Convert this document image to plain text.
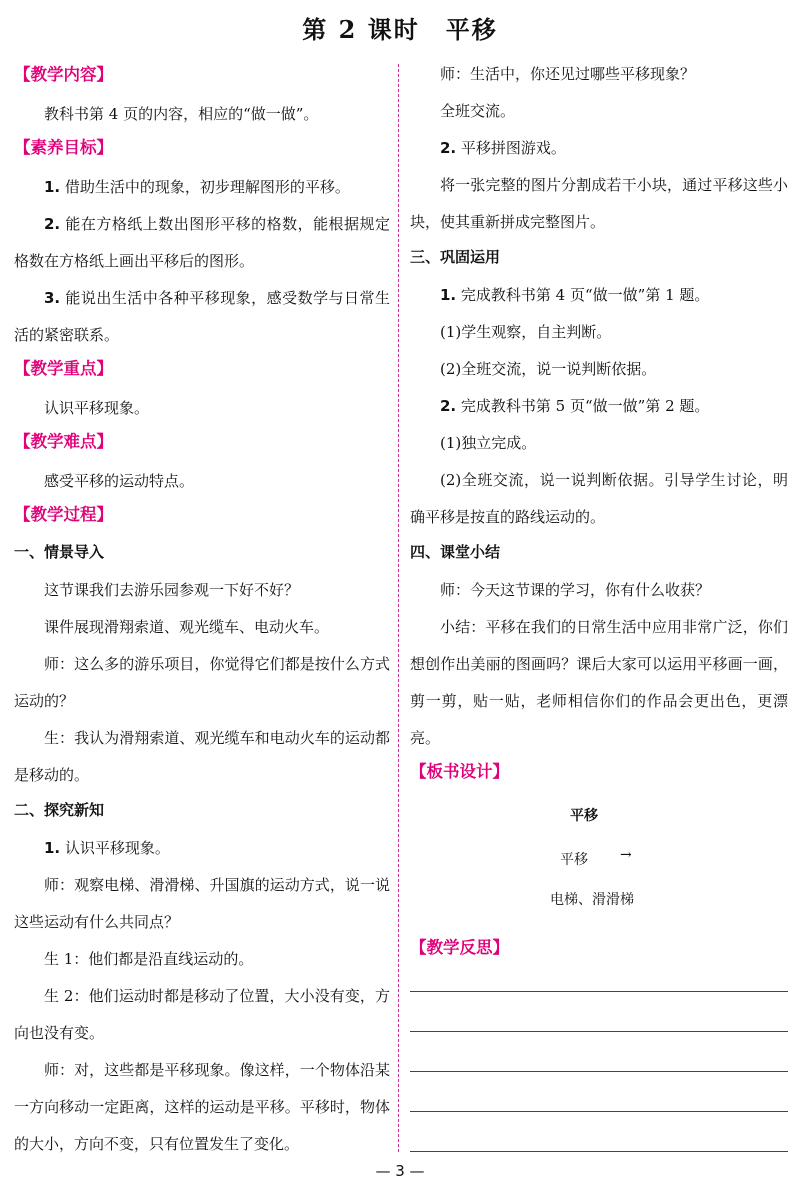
第 2 课时　平移
【教学内容】

教科书第 4 页的内容，相应的“做一做”。

【素养目标】

1. 借助生活中的现象，初步理解图形的平移。

2. 能在方格纸上数出图形平移的格数，能根据规定格数在方格纸上画出平移后的图形。

3. 能说出生活中各种平移现象，感受数学与日常生活的紧密联系。

【教学重点】

认识平移现象。

【教学难点】

感受平移的运动特点。

【教学过程】
一、情景导入

这节课我们去游乐园参观一下好不好？

课件展现滑翔索道、观光缆车、电动火车。

师：这么多的游乐项目，你觉得它们都是按什么方式运动的？

生：我认为滑翔索道、观光缆车和电动火车的运动都是移动的。

二、探究新知

1. 认识平移现象。

师：观察电梯、滑滑梯、升国旗的运动方式，说一说这些运动有什么共同点？

生 1：他们都是沿直线运动的。

生 2：他们运动时都是移动了位置，大小没有变，方向也没有变。

师：对，这些都是平移现象。像这样，一个物体沿某一方向移动一定距离，这样的运动是平移。平移时，物体的大小，方向不变，只有位置发生了变化。

师：生活中，你还见过哪些平移现象？

全班交流。

2. 平移拼图游戏。

将一张完整的图片分割成若干小块，通过平移这些小块，使其重新拼成完整图片。

三、巩固运用

1. 完成教科书第 4 页“做一做”第 1 题。

(1)学生观察，自主判断。

(2)全班交流，说一说判断依据。

2. 完成教科书第 5 页“做一做”第 2 题。

(1)独立完成。

(2)全班交流，说一说判断依据。引导学生讨论，明确平移是按直的路线运动的。

四、课堂小结

师：今天这节课的学习，你有什么收获？

小结：平移在我们的日常生活中应用非常广泛，你们想创作出美丽的图画吗？课后大家可以运用平移画一画，剪一剪，贴一贴，老师相信你们的作品会更出色，更漂亮。

【板书设计】
平移
平移 →
电梯、滑滑梯
【教学反思】
— 3 —
